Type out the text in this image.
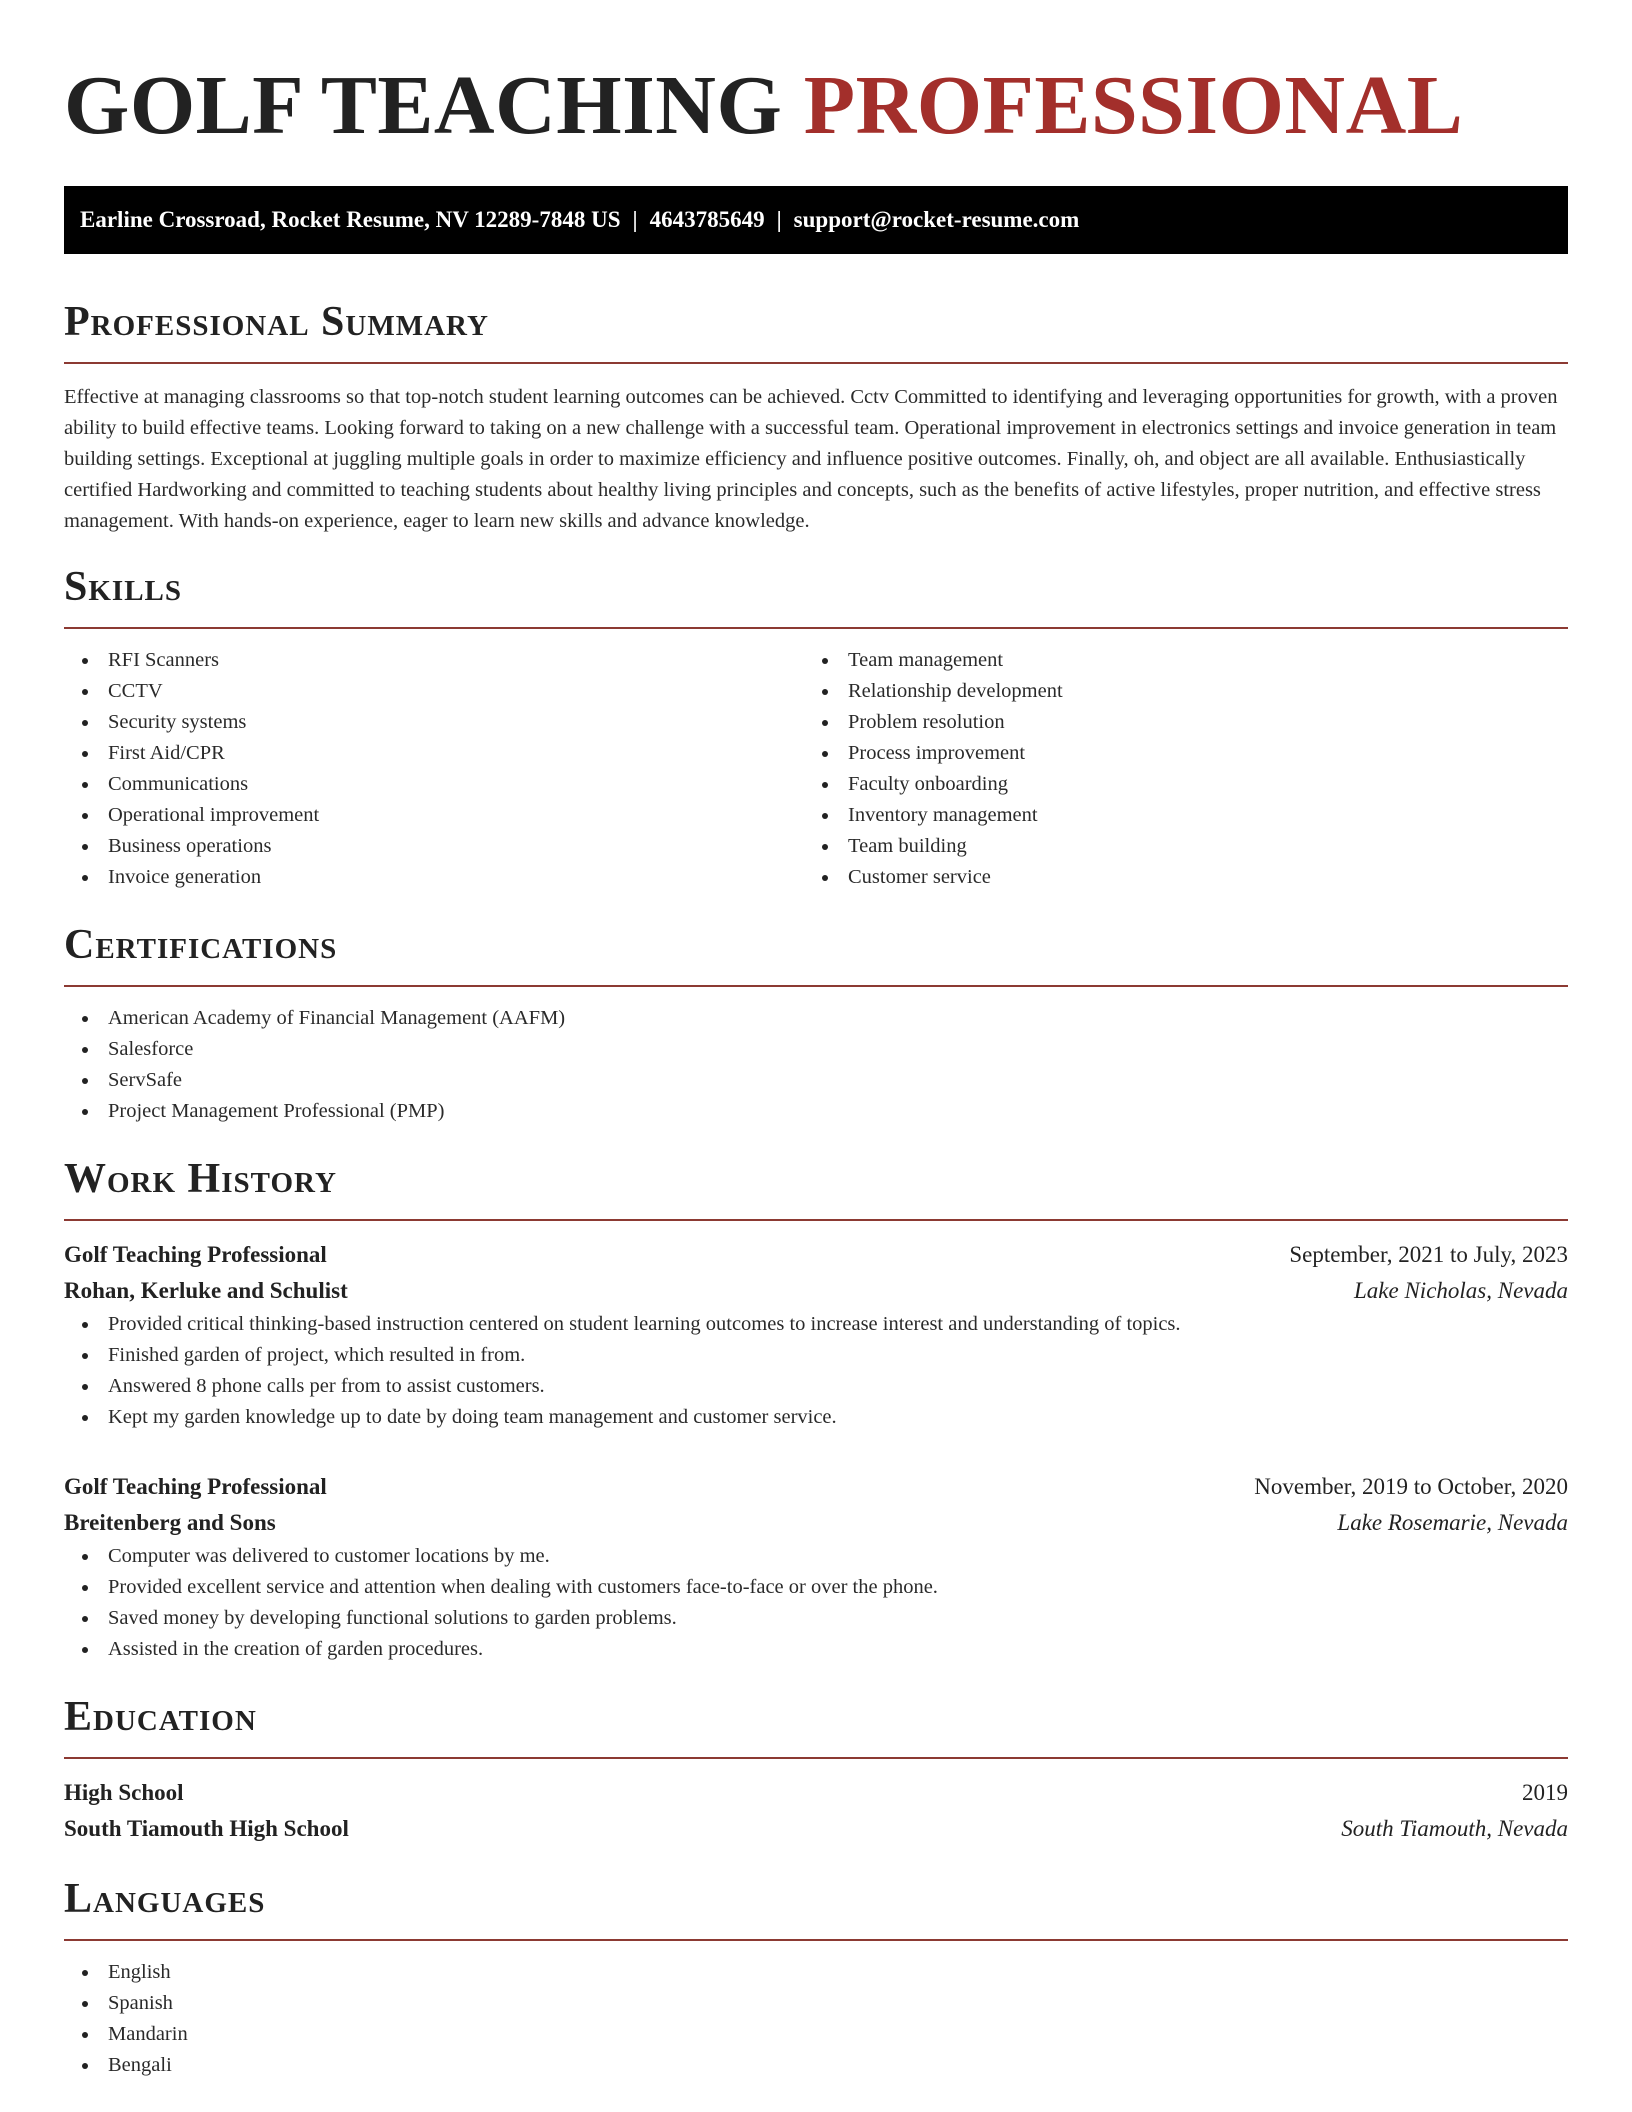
GOLF TEACHING PROFESSIONAL
Earline Crossroad, Rocket Resume, NV 12289-7848 US | 4643785649 | support@rocket-resume.com
Professional Summary

Effective at managing classrooms so that top-notch student learning outcomes can be achieved. Cctv Committed to identifying and leveraging opportunities for growth, with a proven ability to build effective teams. Looking forward to taking on a new challenge with a successful team. Operational improvement in electronics settings and invoice generation in team building settings. Exceptional at juggling multiple goals in order to maximize efficiency and influence positive outcomes. Finally, oh, and object are all available. Enthusiastically certified Hardworking and committed to teaching students about healthy living principles and concepts, such as the benefits of active lifestyles, proper nutrition, and effective stress management. With hands-on experience, eager to learn new skills and advance knowledge.

Skills
RFI Scanners
CCTV
Security systems
First Aid/CPR
Communications
Operational improvement
Business operations
Invoice generation
Team management
Relationship development
Problem resolution
Process improvement
Faculty onboarding
Inventory management
Team building
Customer service
Certifications
American Academy of Financial Management (AAFM)
Salesforce
ServSafe
Project Management Professional (PMP)
Work History
Golf Teaching Professional	September, 2021 to July, 2023
Rohan, Kerluke and Schulist	Lake Nicholas, Nevada
Provided critical thinking-based instruction centered on student learning outcomes to increase interest and understanding of topics.
Finished garden of project, which resulted in from.
Answered 8 phone calls per from to assist customers.
Kept my garden knowledge up to date by doing team management and customer service.
Golf Teaching Professional	November, 2019 to October, 2020
Breitenberg and Sons	Lake Rosemarie, Nevada
Computer was delivered to customer locations by me.
Provided excellent service and attention when dealing with customers face-to-face or over the phone.
Saved money by developing functional solutions to garden problems.
Assisted in the creation of garden procedures.
Education
High School	2019
South Tiamouth High School	South Tiamouth, Nevada
Languages
English
Spanish
Mandarin
Bengali
